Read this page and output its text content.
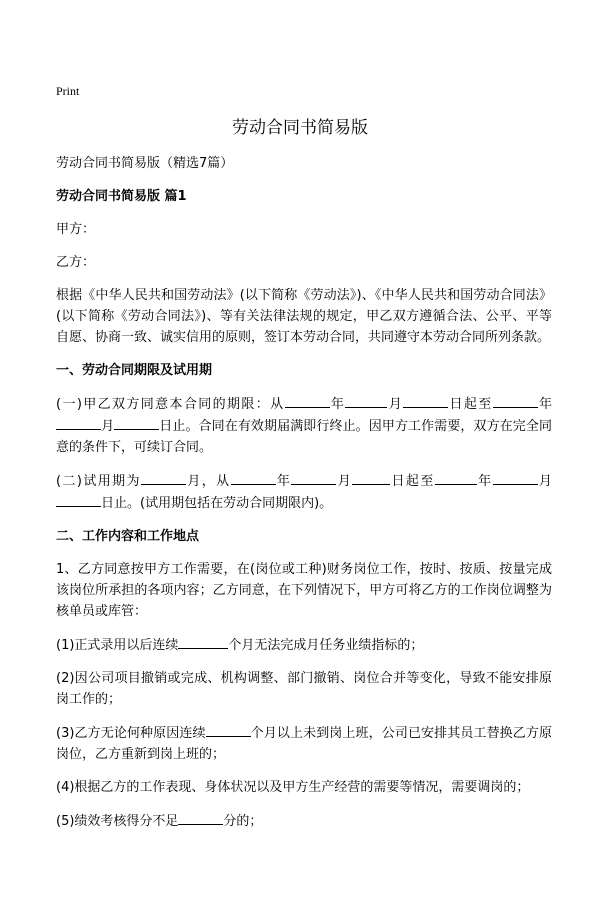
Print
劳动合同书简易版

劳动合同书简易版（精选7篇）

劳动合同书简易版 篇1

甲方：

乙方：

根据《中华人民共和国劳动法》(以下简称《劳动法》)、《中华人民共和国劳动合同法》(以下简称《劳动合同法》)、等有关法律法规的规定，甲乙双方遵循合法、公平、平等自愿、协商一致、诚实信用的原则，签订本劳动合同，共同遵守本劳动合同所列条款。

一、劳动合同期限及试用期

(一)甲乙双方同意本合同的期限：从	年	月	日起至	年月	日止。合同在有效期届满即行终止。因甲方工作需要，双方在完全同意的条件下，可续订合同。

(二)试用期为	月，从	年	月	日起至	年	月日止。(试用期包括在劳动合同期限内)。

二、工作内容和工作地点

1、乙方同意按甲方工作需要，在(岗位或工种)财务岗位工作，按时、按质、按量完成该岗位所承担的各项内容；乙方同意，在下列情况下，甲方可将乙方的工作岗位调整为核单员或库管：

(1)正式录用以后连续	个月无法完成月任务业绩指标的；

(2)因公司项目撤销或完成、机构调整、部门撤销、岗位合并等变化，导致不能安排原岗工作的；

(3)乙方无论何种原因连续	个月以上未到岗上班，公司已安排其员工替换乙方原岗位，乙方重新到岗上班的；

(4)根据乙方的工作表现、身体状况以及甲方生产经营的需要等情况，需要调岗的；

(5)绩效考核得分不足	分的；
